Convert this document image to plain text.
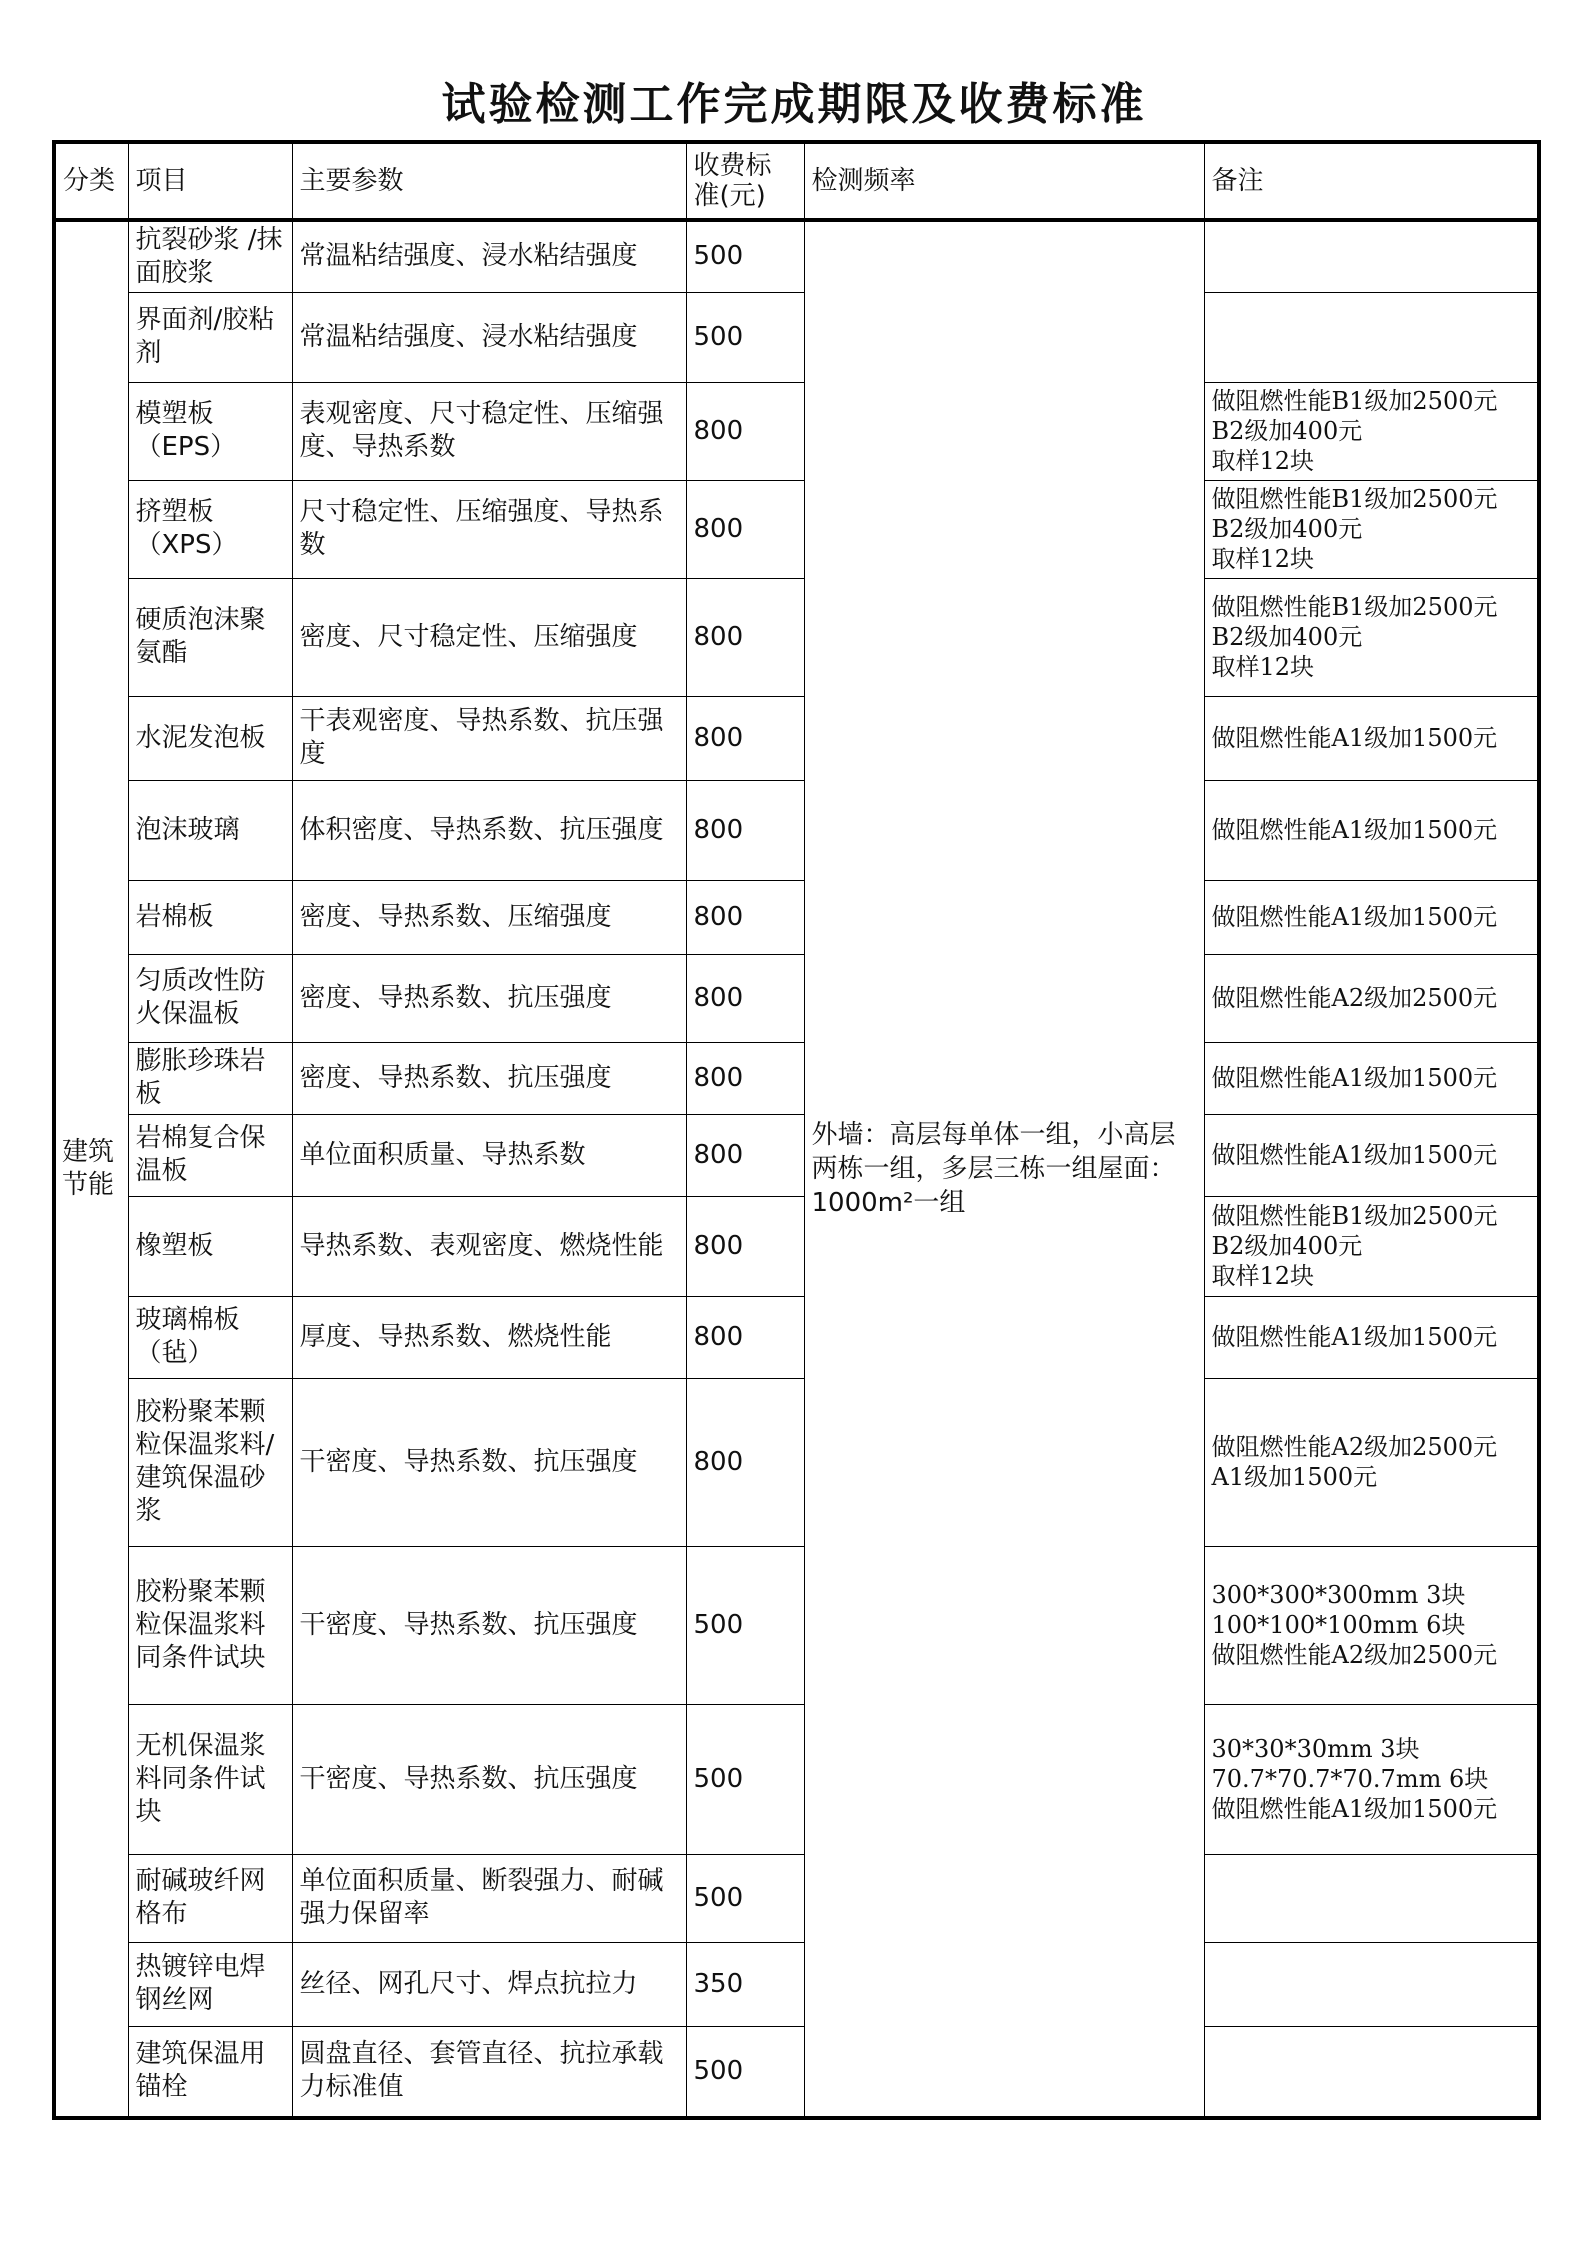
试验检测工作完成期限及收费标准
分类	项目	主要参数	收费标准(元)	检测频率	备注
建筑节能	抗裂砂浆 /抹面胶浆	常温粘结强度、浸水粘结强度	500	外墙：高层每单体一组，小高层两栋一组，多层三栋一组屋面：1000m²一组	
	界面剂/胶粘剂	常温粘结强度、浸水粘结强度	500		
	模塑板（EPS）	表观密度、尺寸稳定性、压缩强度、导热系数	800		做阻燃性能B1级加2500元
B2级加400元
取样12块

	挤塑板（XPS）	尺寸稳定性、压缩强度、导热系数	800		做阻燃性能B1级加2500元
B2级加400元
取样12块

	硬质泡沫聚氨酯	密度、尺寸稳定性、压缩强度	800		做阻燃性能B1级加2500元
B2级加400元
取样12块

	水泥发泡板	干表观密度、导热系数、抗压强度	800		做阻燃性能A1级加1500元

	泡沫玻璃	体积密度、导热系数、抗压强度	800		做阻燃性能A1级加1500元

	岩棉板	密度、导热系数、压缩强度	800		做阻燃性能A1级加1500元

	匀质改性防火保温板	密度、导热系数、抗压强度	800		做阻燃性能A2级加2500元

	膨胀珍珠岩板	密度、导热系数、抗压强度	800		做阻燃性能A1级加1500元

	岩棉复合保温板	单位面积质量、导热系数	800		做阻燃性能A1级加1500元

	橡塑板	导热系数、表观密度、燃烧性能	800		做阻燃性能B1级加2500元
B2级加400元
取样12块

	玻璃棉板（毡）	厚度、导热系数、燃烧性能	800		做阻燃性能A1级加1500元

	胶粉聚苯颗粒保温浆料/建筑保温砂浆	干密度、导热系数、抗压强度	800		做阻燃性能A2级加2500元
A1级加1500元

	胶粉聚苯颗粒保温浆料同条件试块	干密度、导热系数、抗压强度	500		300*300*300mm 3块
100*100*100mm 6块
做阻燃性能A2级加2500元

	无机保温浆料同条件试块	干密度、导热系数、抗压强度	500		30*30*30mm 3块
70.7*70.7*70.7mm 6块
做阻燃性能A1级加1500元

	耐碱玻纤网格布	单位面积质量、断裂强力、耐碱强力保留率	500		
	热镀锌电焊钢丝网	丝径、网孔尺寸、焊点抗拉力	350		
	建筑保温用锚栓	圆盘直径、套管直径、抗拉承载力标准值	500		
